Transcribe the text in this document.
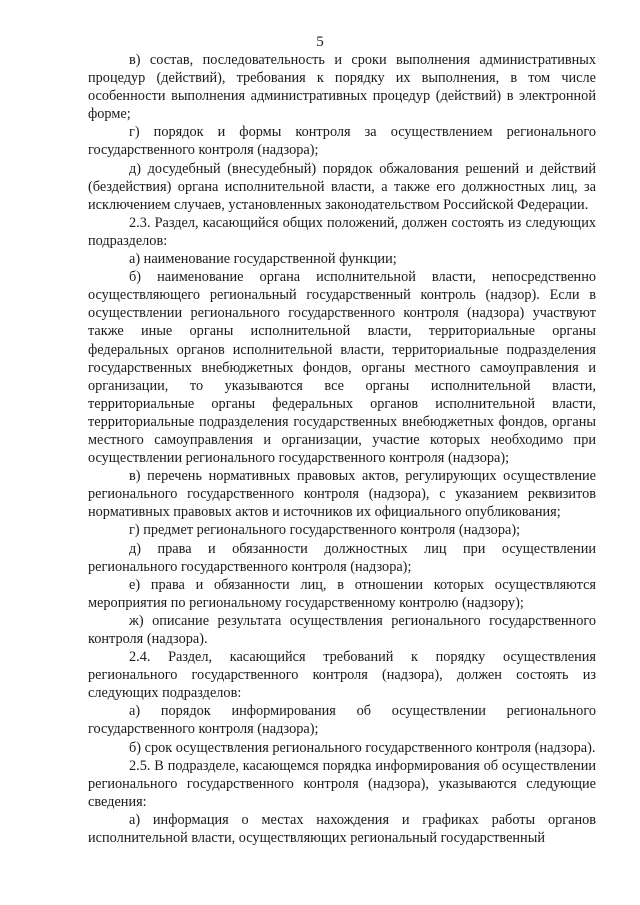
5

в) состав, последовательность и сроки выполнения административных процедур (действий), требования к порядку их выполнения, в том числе особенности выполнения административных процедур (действий) в электронной форме;

г) порядок и формы контроля за осуществлением регионального государственного контроля (надзора);

д) досудебный (внесудебный) порядок обжалования решений и действий (бездействия) органа исполнительной власти, а также его должностных лиц, за исключением случаев, установленных законодательством Российской Федерации.

2.3. Раздел, касающийся общих положений, должен состоять из следующих подразделов:

а) наименование государственной функции;

б) наименование органа исполнительной власти, непосредственно осуществляющего региональный государственный контроль (надзор). Если в осуществлении регионального государственного контроля (надзора) участвуют также иные органы исполнительной власти, территориальные органы федеральных органов исполнительной власти, территориальные подразделения государственных внебюджетных фондов, органы местного самоуправления и организации, то указываются все органы исполнительной власти, территориальные органы федеральных органов исполнительной власти, территориальные подразделения государственных внебюджетных фондов, органы местного самоуправления и организации, участие которых необходимо при осуществлении регионального государственного контроля (надзора);

в) перечень нормативных правовых актов, регулирующих осуществление регионального государственного контроля (надзора), с указанием реквизитов нормативных правовых актов и источников их официального опубликования;

г) предмет регионального государственного контроля (надзора);

д) права и обязанности должностных лиц при осуществлении регионального государственного контроля (надзора);

е) права и обязанности лиц, в отношении которых осуществляются мероприятия по региональному государственному контролю (надзору);

ж) описание результата осуществления регионального государственного контроля (надзора).

2.4. Раздел, касающийся требований к порядку осуществления регионального государственного контроля (надзора), должен состоять из следующих подразделов:

а) порядок информирования об осуществлении регионального государственного контроля (надзора);

б) срок осуществления регионального государственного контроля (надзора).

2.5. В подразделе, касающемся порядка информирования об осуществлении регионального государственного контроля (надзора), указываются следующие сведения:

а) информация о местах нахождения и графиках работы органов исполнительной власти, осуществляющих региональный государственный
